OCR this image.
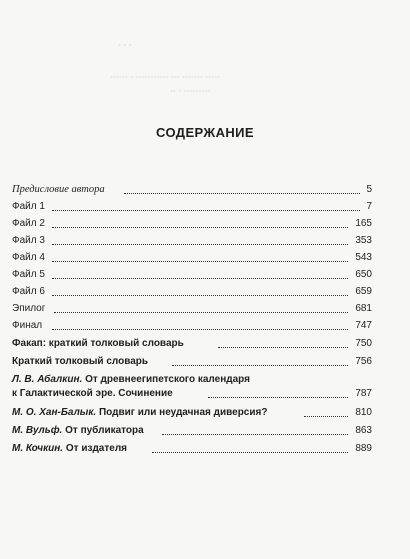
· · ·
······ · ··········· ··· ······· ·····
·· · ·········
СОДЕРЖАНИЕ
Предисловие автора	5
Файл 1	7
Файл 2	165
Файл 3	353
Файл 4	543
Файл 5	650
Файл 6	659
Эпилог	681
Финал	747
Факап: краткий толковый словарь	750
Краткий толковый словарь	756
Л. В. Абалкин. От древнеегипетского календаря
к Галактической эре. Сочинение	787
М. О. Хан-Балык. Подвиг или неудачная диверсия?	810
М. Вульф. От публикатора	863
М. Кочкин. От издателя	889
